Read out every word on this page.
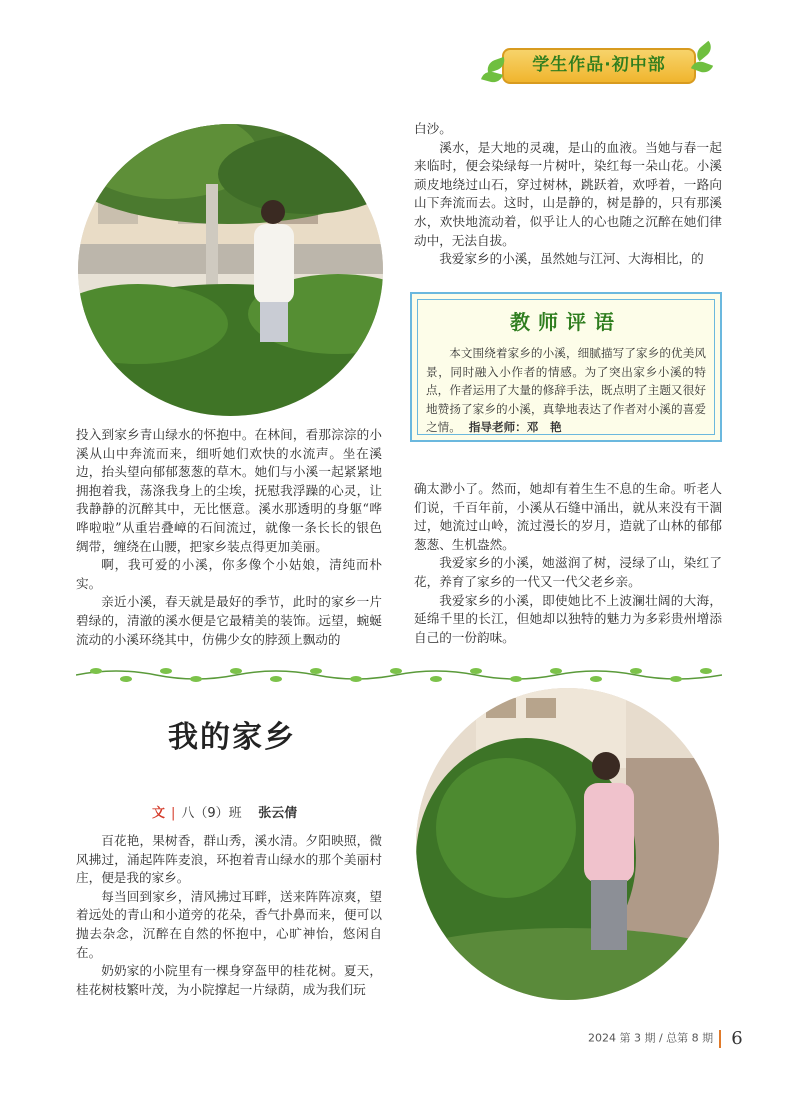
学生作品·初中部

投入到家乡青山绿水的怀抱中。在林间，看那淙淙的小溪从山中奔流而来，细听她们欢快的水流声。坐在溪边，抬头望向郁郁葱葱的草木。她们与小溪一起紧紧地拥抱着我，荡涤我身上的尘埃，抚慰我浮躁的心灵，让我静静的沉醉其中，无比惬意。溪水那透明的身躯“哗哗啦啦”从重岩叠嶂的石间流过，就像一条长长的银色绸带，缠绕在山腰，把家乡装点得更加美丽。

啊，我可爱的小溪，你多像个小姑娘，清纯而朴实。

亲近小溪，春天就是最好的季节，此时的家乡一片碧绿的，清澈的溪水便是它最精美的装饰。远望，蜿蜒流动的小溪环绕其中，仿佛少女的脖颈上飘动的

白沙。

溪水，是大地的灵魂，是山的血液。当她与春一起来临时，便会染绿每一片树叶，染红每一朵山花。小溪顽皮地绕过山石，穿过树林，跳跃着，欢呼着，一路向山下奔流而去。这时，山是静的，树是静的，只有那溪水，欢快地流动着，似乎让人的心也随之沉醉在她们律动中，无法自拔。

我爱家乡的小溪，虽然她与江河、大海相比，的

教师评语
本文围绕着家乡的小溪，细腻描写了家乡的优美风景，同时融入小作者的情感。为了突出家乡小溪的特点，作者运用了大量的修辞手法，既点明了主题又很好地赞扬了家乡的小溪，真挚地表达了作者对小溪的喜爱之情。 指导老师：邓　艳

确太渺小了。然而，她却有着生生不息的生命。听老人们说，千百年前，小溪从石缝中涌出，就从来没有干涸过，她流过山岭，流过漫长的岁月，造就了山林的郁郁葱葱、生机盎然。

我爱家乡的小溪，她滋润了树，浸绿了山，染红了花，养育了家乡的一代又一代父老乡亲。

我爱家乡的小溪，即使她比不上波澜壮阔的大海，延绵千里的长江，但她却以独特的魅力为多彩贵州增添自己的一份韵味。

我的家乡
文 | 八（9）班 张云倩

百花艳，果树香，群山秀，溪水清。夕阳映照，微风拂过，涌起阵阵麦浪，环抱着青山绿水的那个美丽村庄，便是我的家乡。

每当回到家乡，清风拂过耳畔，送来阵阵凉爽，望着远处的青山和小道旁的花朵，香气扑鼻而来，便可以抛去杂念，沉醉在自然的怀抱中，心旷神怡，悠闲自在。

奶奶家的小院里有一棵身穿盔甲的桂花树。夏天，桂花树枝繁叶茂，为小院撑起一片绿荫，成为我们玩

2024 第 3 期 / 总第 8 期 6
